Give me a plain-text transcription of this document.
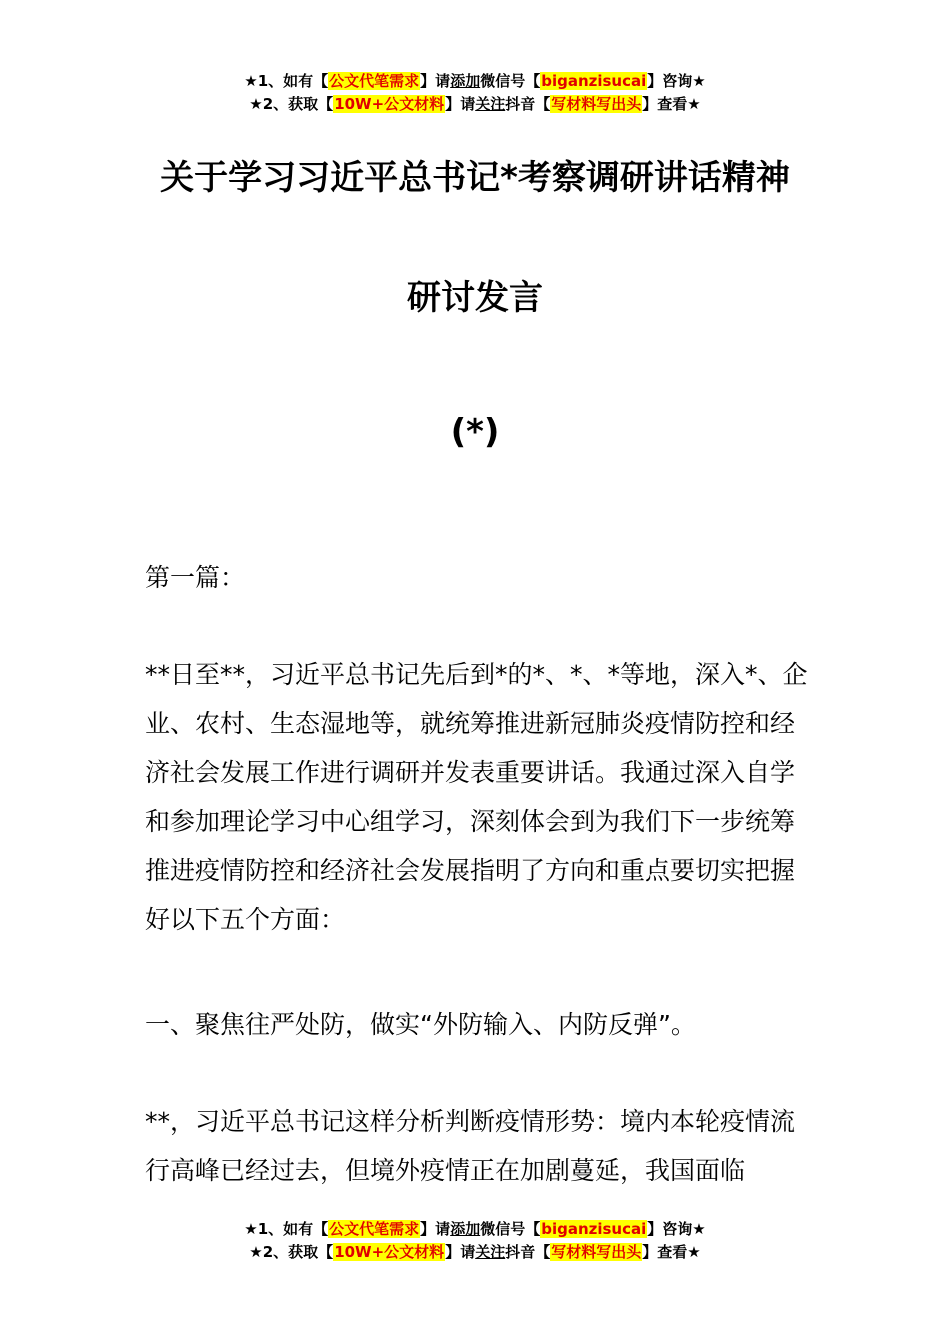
★1、如有【公文代笔需求】请添加微信号【biganzisucai】咨询★
★2、获取【10W+公文材料】请关注抖音【写材料写出头】查看★
关于学习习近平总书记*考察调研讲话精神
研讨发言
(*)

第一篇：

**日至**，习近平总书记先后到*的*、*、*等地，深入*、企业、农村、生态湿地等，就统筹推进新冠肺炎疫情防控和经济社会发展工作进行调研并发表重要讲话。我通过深入自学和参加理论学习中心组学习，深刻体会到为我们下一步统筹推进疫情防控和经济社会发展指明了方向和重点要切实把握好以下五个方面：

一、聚焦往严处防，做实“外防输入、内防反弹”。

**，习近平总书记这样分析判断疫情形势：境内本轮疫情流行高峰已经过去，但境外疫情正在加剧蔓延，我国面临

★1、如有【公文代笔需求】请添加微信号【biganzisucai】咨询★
★2、获取【10W+公文材料】请关注抖音【写材料写出头】查看★
